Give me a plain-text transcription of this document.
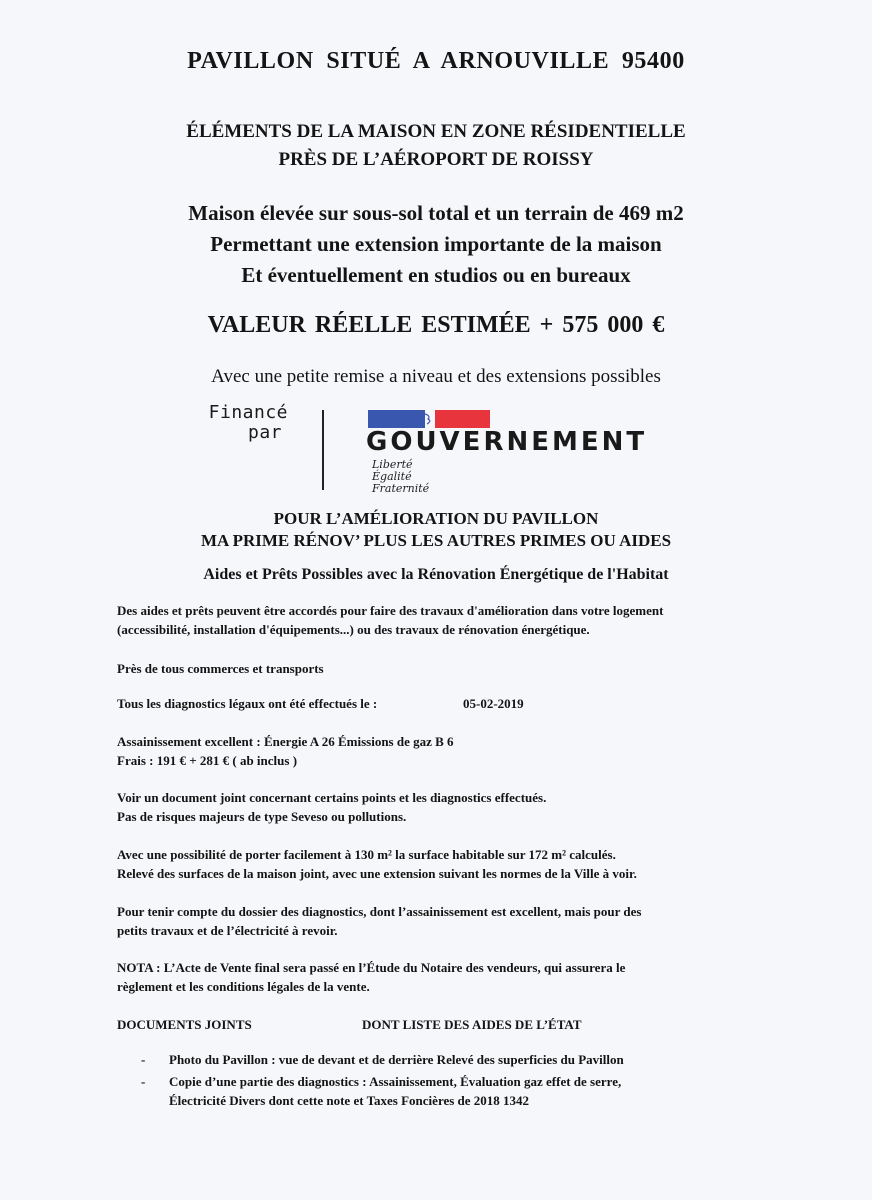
PAVILLON SITUÉ A ARNOUVILLE 95400
ÉLÉMENTS DE LA MAISON EN ZONE RÉSIDENTIELLE
PRÈS DE L’AÉROPORT DE ROISSY
Maison élevée sur sous-sol total et un terrain de 469 m2
Permettant une extension importante de la maison
Et éventuellement en studios ou en bureaux
VALEUR RÉELLE ESTIMÉE + 575 000 €
Avec une petite remise a niveau et des extensions possibles
Financé
par	GOUVERNEMENT
Liberté
Égalité
Fraternité
POUR L’AMÉLIORATION DU PAVILLON
MA PRIME RÉNOV’ PLUS LES AUTRES PRIMES OU AIDES
Aides et Prêts Possibles avec la Rénovation Énergétique de l'Habitat
Des aides et prêts peuvent être accordés pour faire des travaux d'amélioration dans votre logement
(accessibilité, installation d'équipements...) ou des travaux de rénovation énergétique.
Près de tous commerces et transports
Tous les diagnostics légaux ont été effectués le :	05-02-2019
Assainissement excellent : Énergie A 26 Émissions de gaz B 6
Frais : 191 € + 281 € ( ab inclus )
Voir un document joint concernant certains points et les diagnostics effectués.
Pas de risques majeurs de type Seveso ou pollutions.
Avec une possibilité de porter facilement à 130 m² la surface habitable sur 172 m² calculés.
Relevé des surfaces de la maison joint, avec une extension suivant les normes de la Ville à voir.
Pour tenir compte du dossier des diagnostics, dont l’assainissement est excellent, mais pour des
petits travaux et de l’électricité à revoir.
NOTA : L’Acte de Vente final sera passé en l’Étude du Notaire des vendeurs, qui assurera le
règlement et les conditions légales de la vente.
DOCUMENTS JOINTS	DONT LISTE DES AIDES DE L’ÉTAT
- Photo du Pavillon : vue de devant et de derrière Relevé des superficies du Pavillon
- Copie d’une partie des diagnostics : Assainissement, Évaluation gaz effet de serre,
Électricité Divers dont cette note et Taxes Foncières de 2018 1342
